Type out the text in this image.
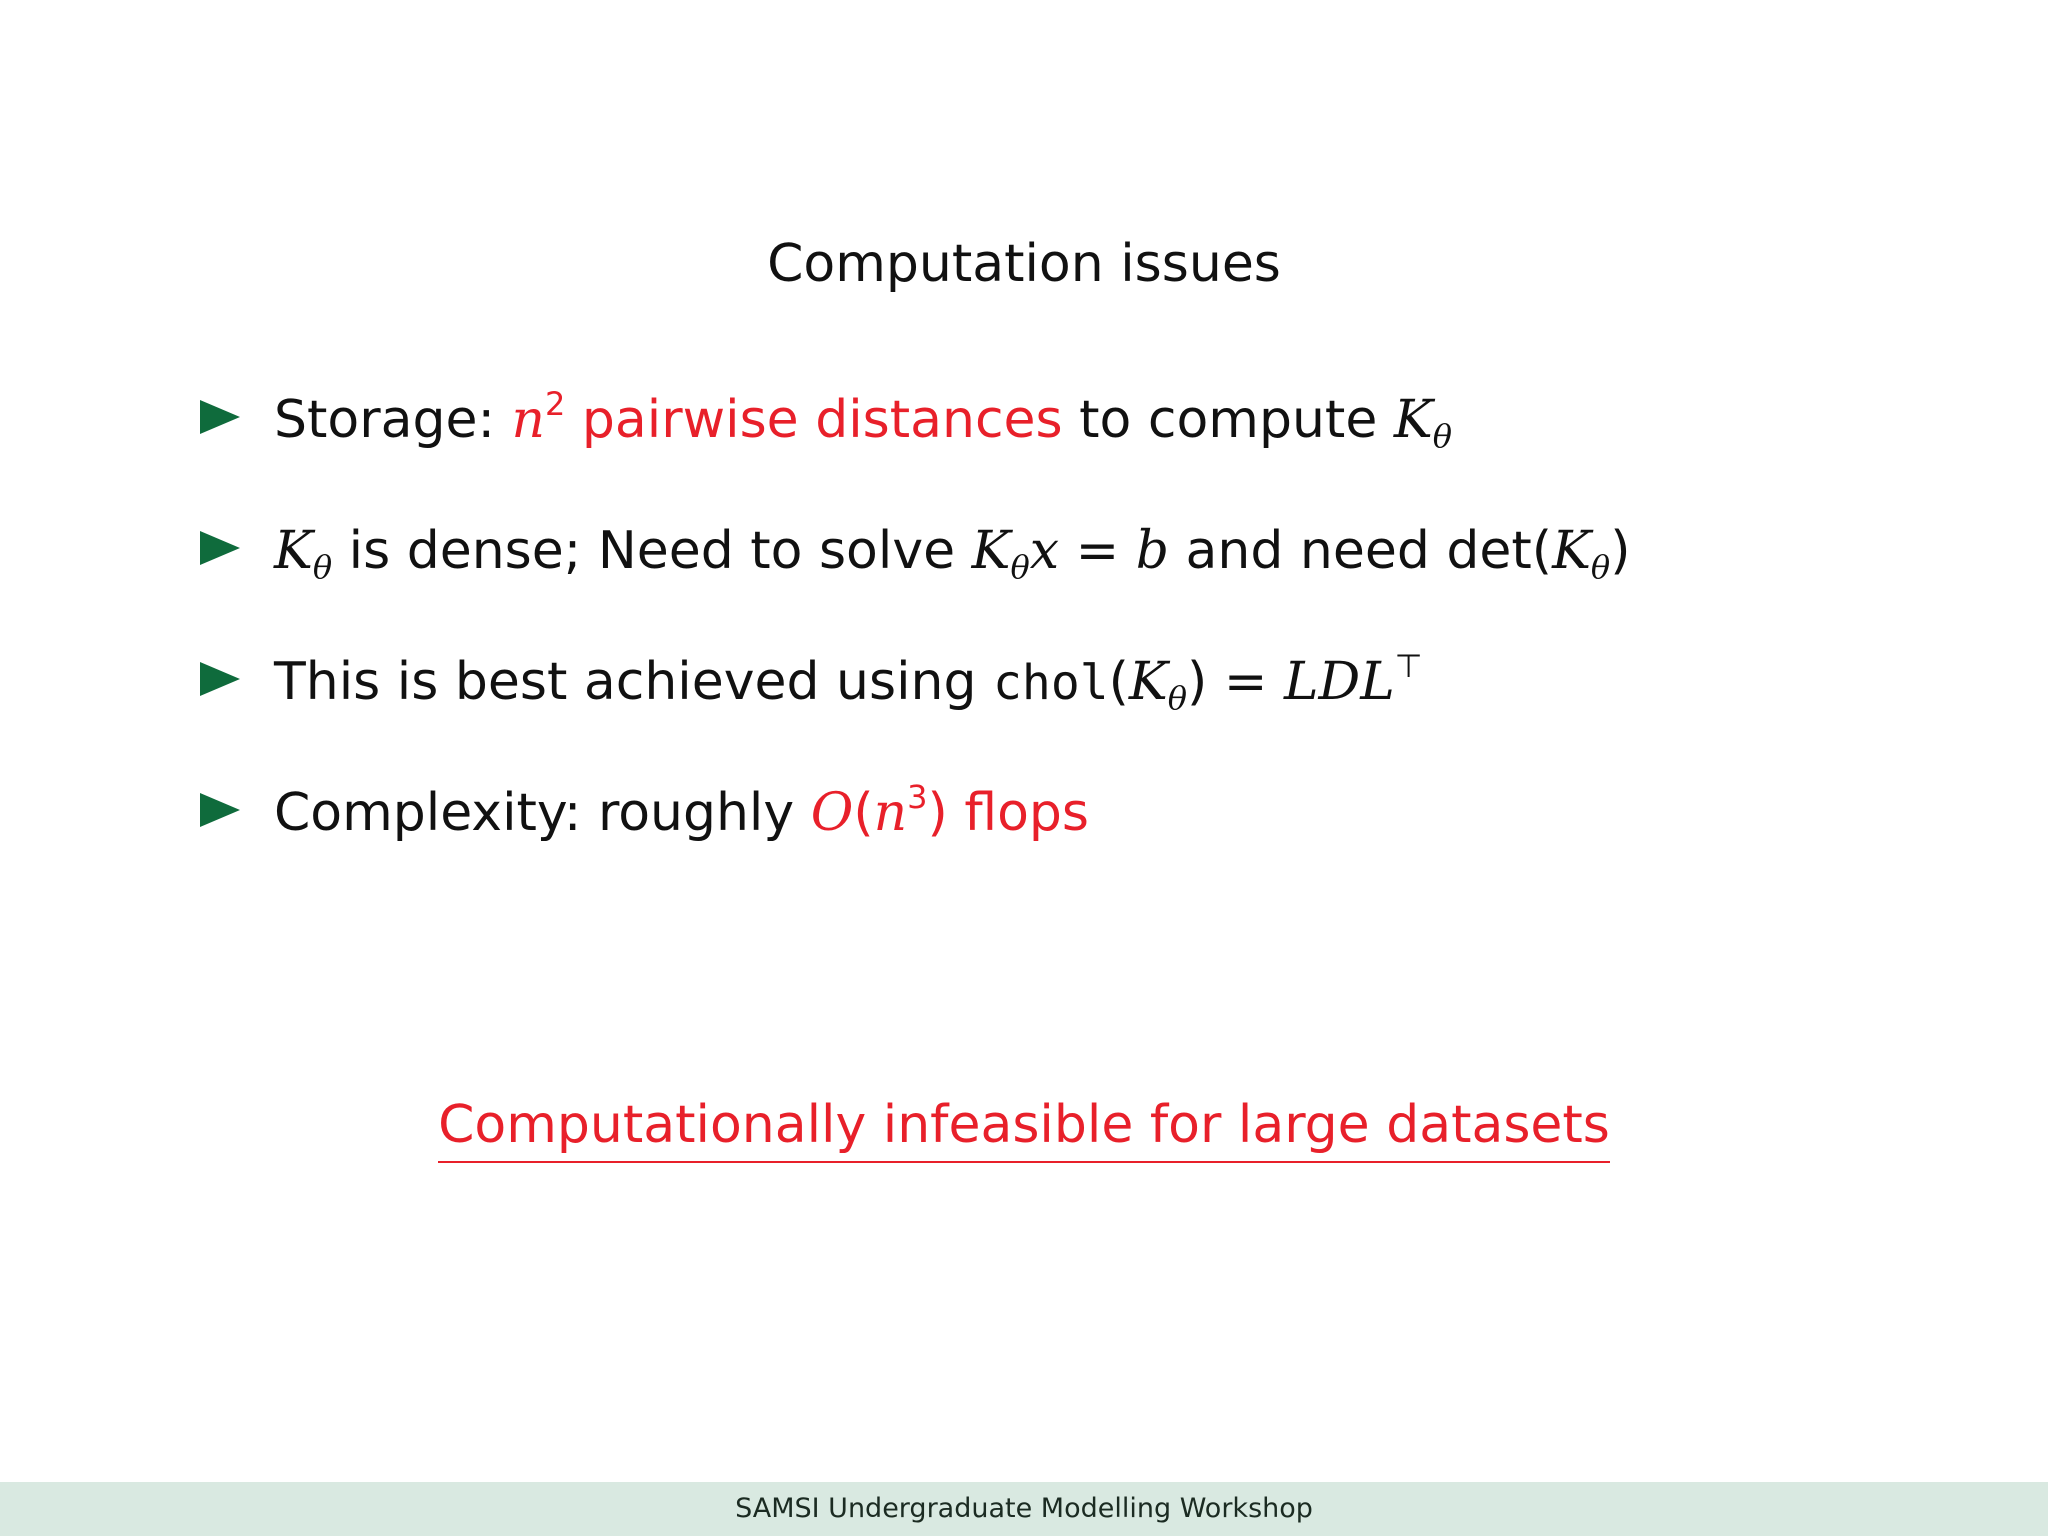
Computation issues
Storage: $n^2$ pairwise distances to compute $K_\theta$
$K_\theta$ is dense; Need to solve $K_\theta x = b$ and need $\det(K_\theta)$
This is best achieved using $chol(K_\theta) = LDL^⊤$
Complexity: roughly $O(n^3)$ flops
Computationally infeasible for large datasets
SAMSI Undergraduate Modelling Workshop
